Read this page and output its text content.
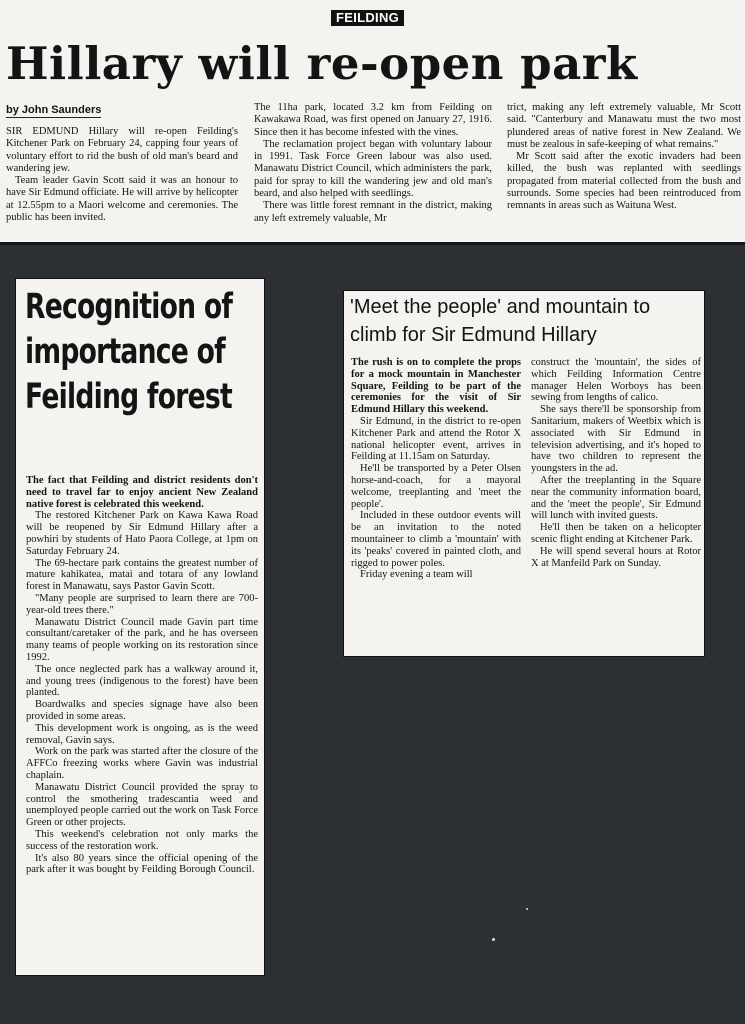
FEILDING
Hillary will re-open park
by John Saunders

SIR EDMUND Hillary will re-open Feilding's Kitchener Park on February 24, capping four years of voluntary effort to rid the bush of old man's beard and wandering jew.

Team leader Gavin Scott said it was an honour to have Sir Edmund officiate. He will arrive by helicopter at 12.55pm to a Maori welcome and ceremonies. The public has been invited.

The 11ha park, located 3.2 km from Feilding on Kawakawa Road, was first opened on January 27, 1916. Since then it has become infested with the vines.

The reclamation project began with voluntary labour in 1991. Task Force Green labour was also used. Manawatu District Council, which administers the park, paid for spray to kill the wandering jew and old man's beard, and also helped with seedlings.

There was little forest remnant in the district, making any left extremely valuable, Mr

trict, making any left extremely valuable, Mr Scott said. "Canterbury and Manawatu must the two most plundered areas of native forest in New Zealand. We must be zealous in safe-keeping of what remains."

Mr Scott said after the exotic invaders had been killed, the bush was replanted with seedlings propagated from material collected from the bush and surrounds. Some species had been reintroduced from remnants in areas such as Waituna West.

Recognition of importance of Feilding forest

The fact that Feilding and district residents don't need to travel far to enjoy ancient New Zealand native forest is celebrated this weekend.

The restored Kitchener Park on Kawa Kawa Road will be reopened by Sir Edmund Hillary after a powhiri by students of Hato Paora College, at 1pm on Saturday February 24.

The 69-hectare park contains the greatest number of mature kahikatea, matai and totara of any lowland forest in Manawatu, says Pastor Gavin Scott.

"Many people are surprised to learn there are 700-year-old trees there."

Manawatu District Council made Gavin part time consultant/caretaker of the park, and he has overseen many teams of people working on its restoration since 1992.

The once neglected park has a walkway around it, and young trees (indigenous to the forest) have been planted.

Boardwalks and species signage have also been provided in some areas.

This development work is ongoing, as is the weed removal, Gavin says.

Work on the park was started after the closure of the AFFCo freezing works where Gavin was industrial chaplain.

Manawatu District Council provided the spray to control the smothering tradescantia weed and unemployed people carried out the work on Task Force Green or other projects.

This weekend's celebration not only marks the success of the restoration work.

It's also 80 years since the official opening of the park after it was bought by Feilding Borough Council.

'Meet the people' and mountain to climb for Sir Edmund Hillary

The rush is on to complete the props for a mock mountain in Manchester Square, Feilding to be part of the ceremonies for the visit of Sir Edmund Hillary this weekend.

Sir Edmund, in the district to re-open Kitchener Park and attend the Rotor X national helicopter event, arrives in Feilding at 11.15am on Saturday.

He'll be transported by a Peter Olsen horse-and-coach, for a mayoral welcome, treeplanting and 'meet the people'.

Included in these outdoor events will be an invitation to the noted mountaineer to climb a 'mountain' with its 'peaks' covered in painted cloth, and rigged to power poles.

Friday evening a team will

construct the 'mountain', the sides of which Feilding Information Centre manager Helen Worboys has been sewing from lengths of calico.

She says there'll be sponsorship from Sanitarium, makers of Weetbix which is associated with Sir Edmund in television advertising, and it's hoped to have two children to represent the youngsters in the ad.

After the treeplanting in the Square near the community information board, and the 'meet the people', Sir Edmund will lunch with invited guests.

He'll then be taken on a helicopter scenic flight ending at Kitchener Park.

He will spend several hours at Rotor X at Manfeild Park on Sunday.
